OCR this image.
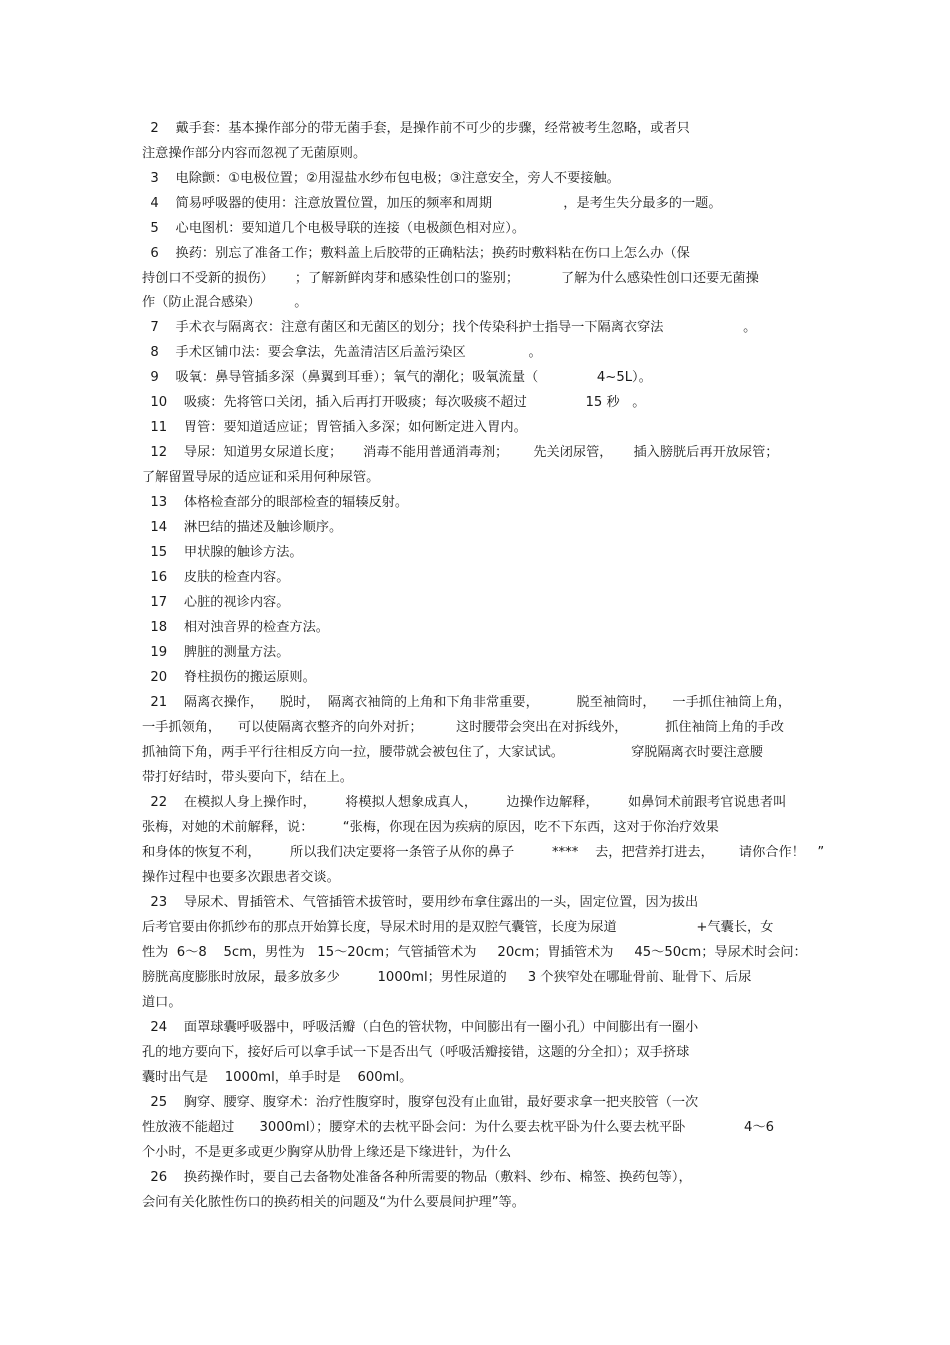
2    戴手套：基本操作部分的带无菌手套，是操作前不可少的步骤，经常被考生忽略，或者只
注意操作部分内容而忽视了无菌原则。
3    电除颤：①电极位置；②用湿盐水纱布包电极；③注意安全，旁人不要接触。
4    简易呼吸器的使用：注意放置位置，加压的频率和周期                 ，是考生失分最多的一题。
5    心电图机：要知道几个电极导联的连接（电极颜色相对应）。
6    换药：别忘了准备工作；敷料盖上后胶带的正确粘法；换药时敷料粘在伤口上怎么办（保
持创口不受新的损伤）     ；了解新鲜肉芽和感染性创口的鉴别；          了解为什么感染性创口还要无菌操
作（防止混合感染）        。
7    手术衣与隔离衣：注意有菌区和无菌区的划分；找个传染科护士指导一下隔离衣穿法                   。
8    手术区铺巾法：要会拿法，先盖清洁区后盖污染区               。
9    吸氧：鼻导管插多深（鼻翼到耳垂）；氧气的潮化；吸氧流量（              4~5L）。
10    吸痰：先将管口关闭，插入后再打开吸痰；每次吸痰不超过              15 秒   。
11    胃管：要知道适应证；胃管插入多深；如何断定进入胃内。
12    导尿：知道男女尿道长度；     消毒不能用普通消毒剂；      先关闭尿管，     插入膀胱后再开放尿管；
了解留置导尿的适应证和采用何种尿管。
13    体格检查部分的眼部检查的辐辏反射。
14    淋巴结的描述及触诊顺序。
15    甲状腺的触诊方法。
16    皮肤的检查内容。
17    心脏的视诊内容。
18    相对浊音界的检查方法。
19    脾脏的测量方法。
20    脊柱损伤的搬运原则。
21    隔离衣操作，    脱时，  隔离衣袖筒的上角和下角非常重要，         脱至袖筒时，    一手抓住袖筒上角，
一手抓领角，    可以使隔离衣整齐的向外对折；        这时腰带会突出在对拆线外，         抓住袖筒上角的手改
抓袖筒下角，两手平行往相反方向一拉，腰带就会被包住了，大家试试。                穿脱隔离衣时要注意腰
带打好结时，带头要向下，结在上。
22    在模拟人身上操作时，       将模拟人想象成真人，       边操作边解释，       如鼻饲术前跟考官说患者叫
张梅，对她的术前解释，说：       “张梅，你现在因为疾病的原因，吃不下东西，这对于你治疗效果
和身体的恢复不利，       所以我们决定要将一条管子从你的鼻子         ****    去，把营养打进去，      请你合作！   ”
操作过程中也要多次跟患者交谈。
23    导尿术、胃插管术、气管插管术拔管时，要用纱布拿住露出的一头，固定位置，因为拔出
后考官要由你抓纱布的那点开始算长度，导尿术时用的是双腔气囊管，长度为尿道                   +气囊长，女
性为  6～8    5cm，男性为   15～20cm；气管插管术为     20cm；胃插管术为     45～50cm；导尿术时会问：
膀胱高度膨胀时放尿，最多放多少         1000ml；男性尿道的     3 个狭窄处在哪耻骨前、耻骨下、后尿
道口。
24    面罩球囊呼吸器中，呼吸活瓣（白色的管状物，中间膨出有一圈小孔）中间膨出有一圈小
孔的地方要向下，接好后可以拿手试一下是否出气（呼吸活瓣接错，这题的分全扣）；双手挤球
囊时出气是    1000ml，单手时是    600ml。
25    胸穿、腰穿、腹穿术：治疗性腹穿时，腹穿包没有止血钳，最好要求拿一把夹胶管（一次
性放液不能超过      3000ml）；腰穿术的去枕平卧会问：为什么要去枕平卧为什么要去枕平卧              4～6
个小时，不是更多或更少胸穿从肋骨上缘还是下缘进针，为什么
26    换药操作时，要自己去备物处准备各种所需要的物品（敷料、纱布、棉签、换药包等），
会问有关化脓性伤口的换药相关的问题及“为什么要晨间护理”等。
